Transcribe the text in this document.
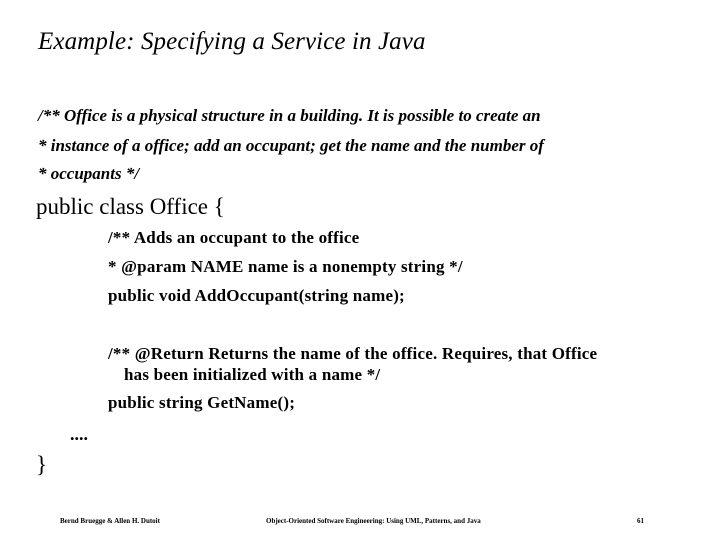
Example: Specifying a Service in Java
/** Office is a physical structure in a building. It is possible to create an
* instance of a office; add an occupant; get the name and the number of
* occupants */
public class Office {
/** Adds an occupant to the office
* @param NAME name is a nonempty string */
public void AddOccupant(string name);
/** @Return Returns the name of the office. Requires, that Office
has been initialized with a name */
public string GetName();
....
}
Bernd Bruegge & Allen H. Dutoit	Object-Oriented Software Engineering: Using UML, Patterns, and Java	61
